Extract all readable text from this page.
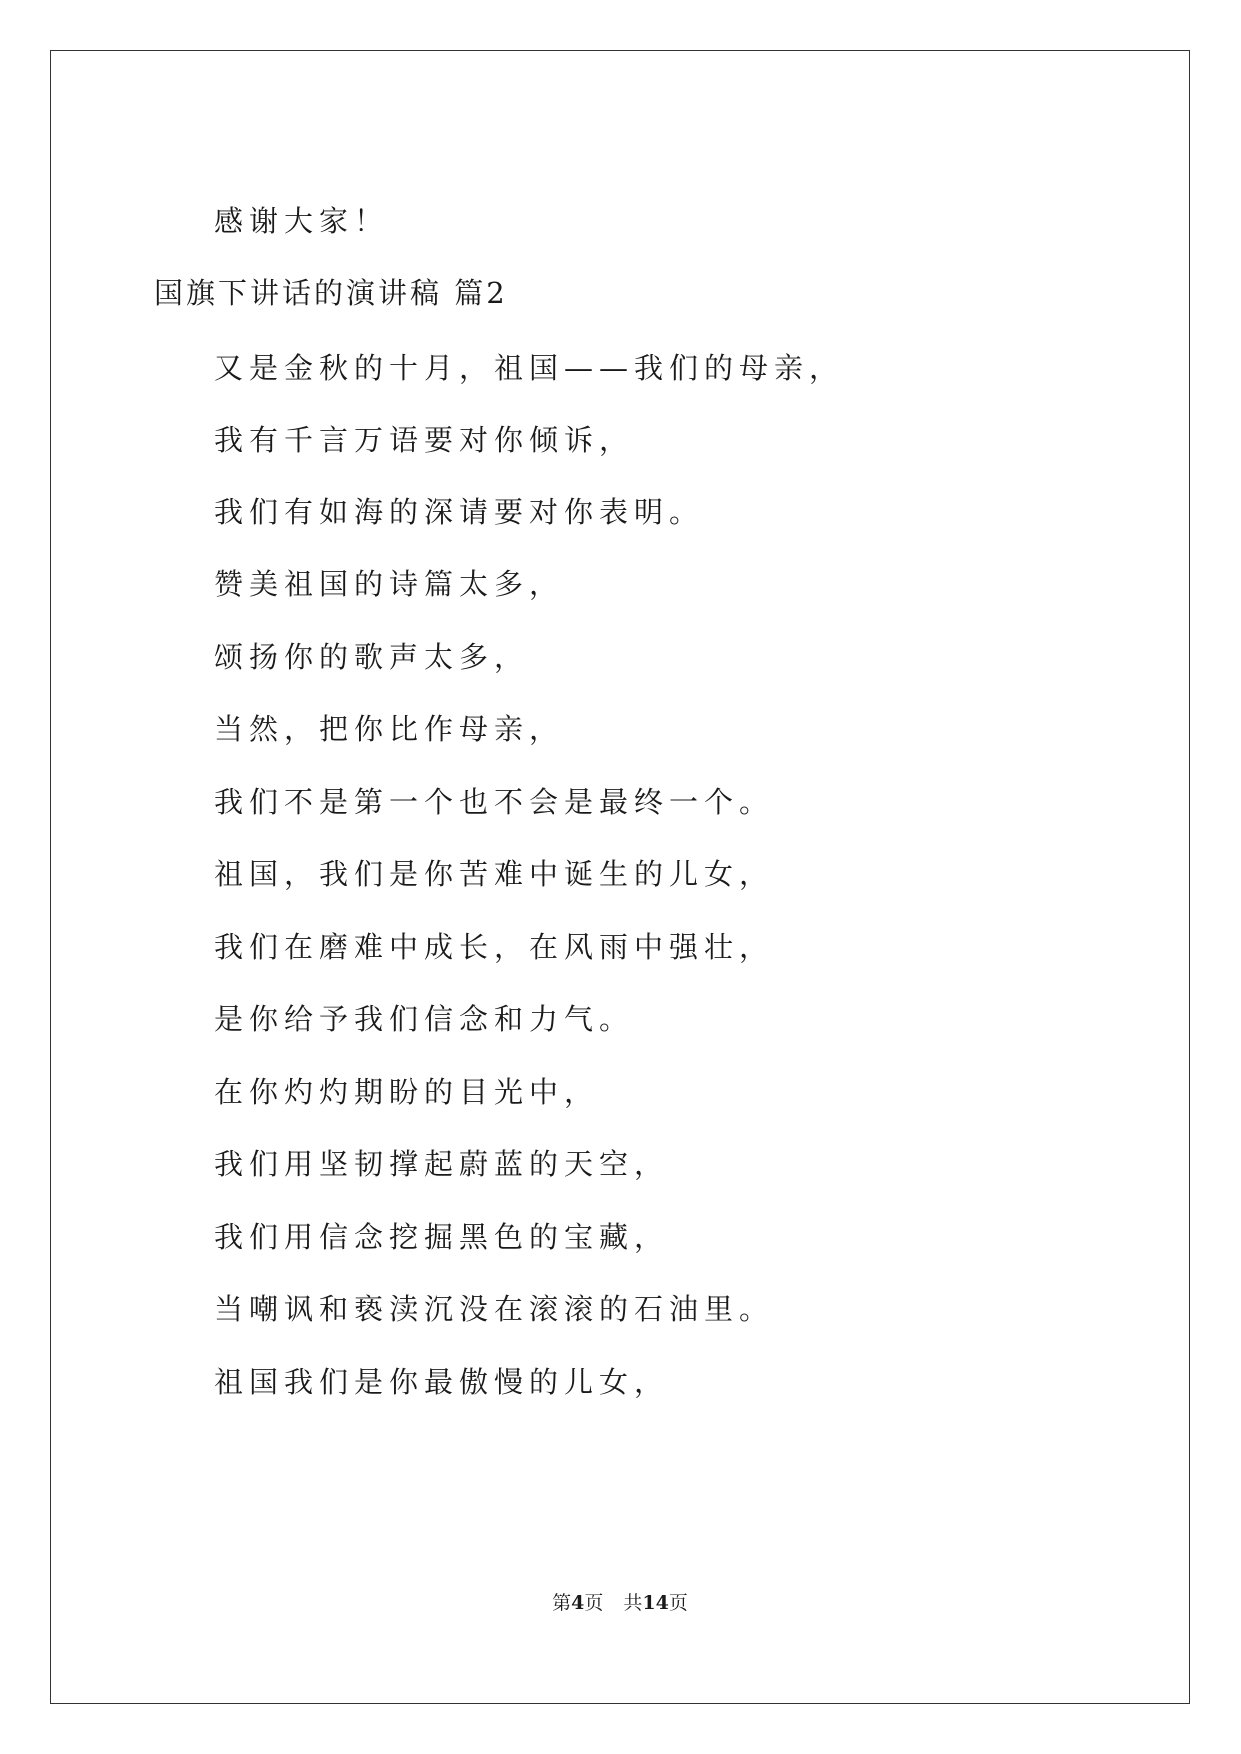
感谢大家！
国旗下讲话的演讲稿 篇2
又是金秋的十月，祖国——我们的母亲，
我有千言万语要对你倾诉，
我们有如海的深请要对你表明。
赞美祖国的诗篇太多，
颂扬你的歌声太多，
当然，把你比作母亲，
我们不是第一个也不会是最终一个。
祖国，我们是你苦难中诞生的儿女，
我们在磨难中成长，在风雨中强壮，
是你给予我们信念和力气。
在你灼灼期盼的目光中，
我们用坚韧撑起蔚蓝的天空，
我们用信念挖掘黑色的宝藏，
当嘲讽和亵渎沉没在滚滚的石油里。
祖国我们是你最傲慢的儿女，
第4页 共14页
